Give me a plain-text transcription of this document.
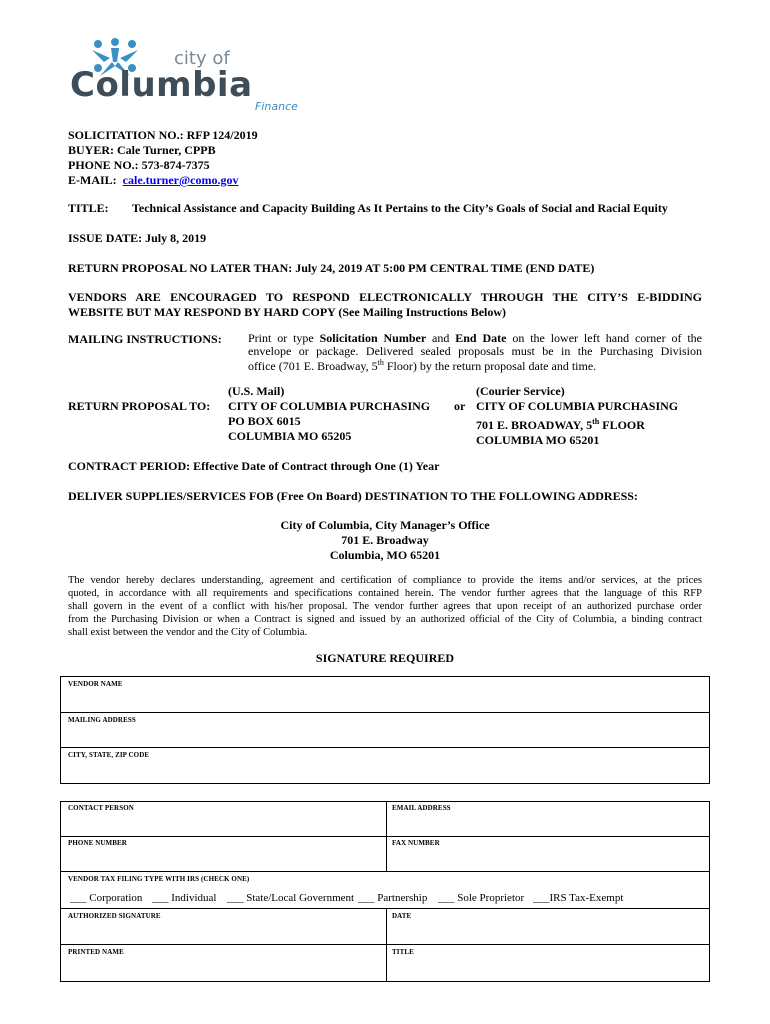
city of
Columbia
Finance
SOLICITATION NO.: RFP 124/2019
BUYER: Cale Turner, CPPB
PHONE NO.: 573-874-7375
E-MAIL: cale.turner@como.gov
TITLE: Technical Assistance and Capacity Building As It Pertains to the City’s Goals of Social and Racial Equity
ISSUE DATE: July 8, 2019
RETURN PROPOSAL NO LATER THAN: July 24, 2019 AT 5:00 PM CENTRAL TIME (END DATE)
VENDORS ARE ENCOURAGED TO RESPOND ELECTRONICALLY THROUGH THE CITY’S E-BIDDING
WEBSITE BUT MAY RESPOND BY HARD COPY (See Mailing Instructions Below)
MAILING INSTRUCTIONS: Print or type Solicitation Number and End Date on the lower left hand corner of the
envelope or package. Delivered sealed proposals must be in the Purchasing Division
office (701 E. Broadway, 5th Floor) by the return proposal date and time.
(U.S. Mail)
CITY OF COLUMBIA PURCHASING
PO BOX 6015
COLUMBIA MO 65205
RETURN PROPOSAL TO:	or
(Courier Service)
CITY OF COLUMBIA PURCHASING
701 E. BROADWAY, 5th FLOOR
COLUMBIA MO 65201
CONTRACT PERIOD: Effective Date of Contract through One (1) Year
DELIVER SUPPLIES/SERVICES FOB (Free On Board) DESTINATION TO THE FOLLOWING ADDRESS:
City of Columbia, City Manager’s Office
701 E. Broadway
Columbia, MO 65201
The vendor hereby declares understanding, agreement and certification of compliance to provide the items and/or services, at the prices
quoted, in accordance with all requirements and specifications contained herein. The vendor further agrees that the language of this RFP
shall govern in the event of a conflict with his/her proposal. The vendor further agrees that upon receipt of an authorized purchase order
from the Purchasing Division or when a Contract is signed and issued by an authorized official of the City of Columbia, a binding contract
shall exist between the vendor and the City of Columbia.
SIGNATURE REQUIRED
VENDOR NAME
MAILING ADDRESS
CITY, STATE, ZIP CODE
CONTACT PERSON	EMAIL ADDRESS
PHONE NUMBER	FAX NUMBER
VENDOR TAX FILING TYPE WITH IRS (CHECK ONE)
___ Corporation ___ Individual ___ State/Local Government ___ Partnership ___ Sole Proprietor ___IRS Tax-Exempt
AUTHORIZED SIGNATURE	DATE
PRINTED NAME	TITLE
